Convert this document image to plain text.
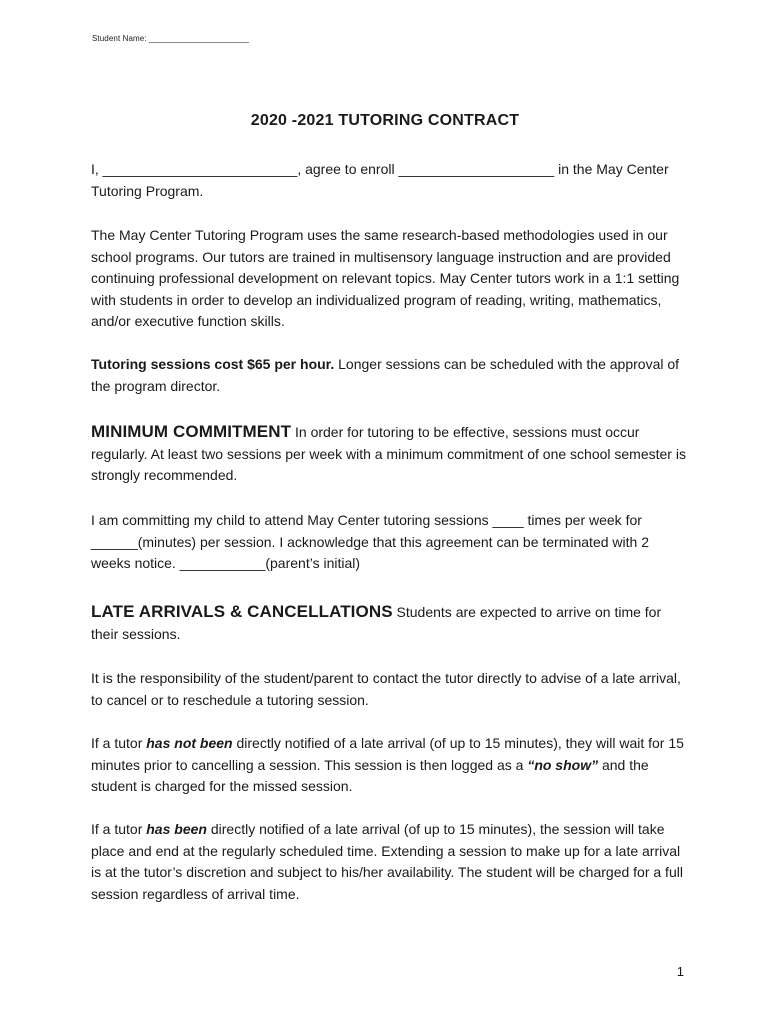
Student Name: ______________________
2020 -2021 TUTORING CONTRACT

I, _________________________, agree to enroll ____________________ in the May Center Tutoring Program.

The May Center Tutoring Program uses the same research-based methodologies used in our school programs. Our tutors are trained in multisensory language instruction and are provided continuing professional development on relevant topics. May Center tutors work in a 1:1 setting with students in order to develop an individualized program of reading, writing, mathematics, and/or executive function skills.

Tutoring sessions cost $65 per hour. Longer sessions can be scheduled with the approval of the program director.

MINIMUM COMMITMENT In order for tutoring to be effective, sessions must occur regularly. At least two sessions per week with a minimum commitment of one school semester is strongly recommended.

I am committing my child to attend May Center tutoring sessions ____ times per week for ______(minutes) per session. I acknowledge that this agreement can be terminated with 2 weeks notice. ___________(parent’s initial)

LATE ARRIVALS & CANCELLATIONS Students are expected to arrive on time for their sessions.

It is the responsibility of the student/parent to contact the tutor directly to advise of a late arrival, to cancel or to reschedule a tutoring session.

If a tutor has not been directly notified of a late arrival (of up to 15 minutes), they will wait for 15 minutes prior to cancelling a session. This session is then logged as a “no show” and the student is charged for the missed session.

If a tutor has been directly notified of a late arrival (of up to 15 minutes), the session will take place and end at the regularly scheduled time. Extending a session to make up for a late arrival is at the tutor’s discretion and subject to his/her availability. The student will be charged for a full session regardless of arrival time.

1
